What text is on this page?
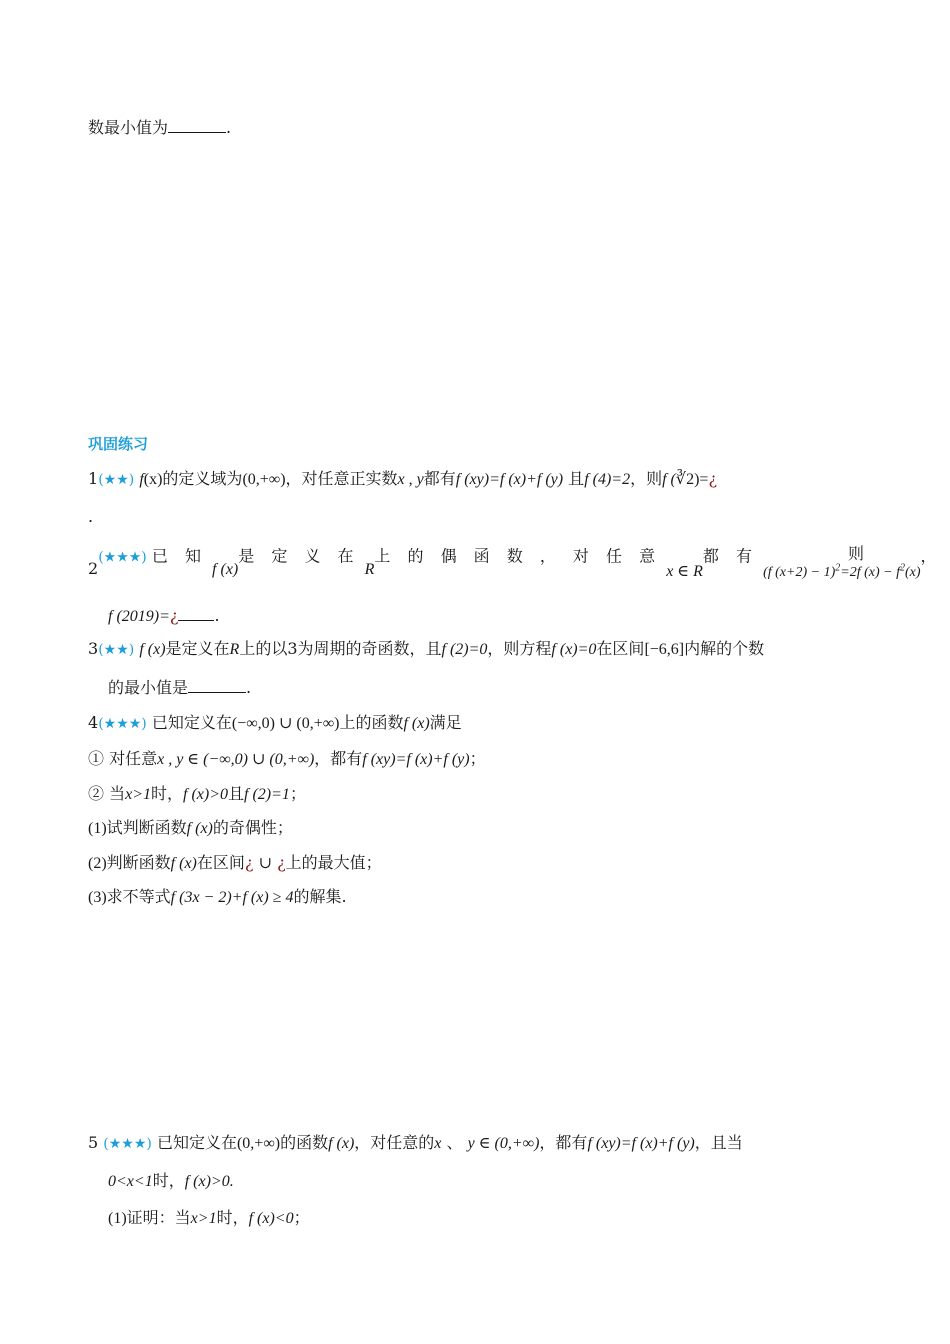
数最小值为	.
巩固练习
1(★★) f(x)的定义域为(0,+∞)，对任意正实数x , y都有f (xy)=f (x)+f (y) 且f (4)=2，则f (∛2)=¿
.
2(★★★) 已 知 f (x)是 定 义 在 R上 的 偶 函 数 ， 对 任 意 x ∈ R都 有 (f (x+2) − 1)$^2$=2f $(x) - f^2(x)$，
则
f (2019)=¿ .
3(★★) f (x)是定义在R上的以3为周期的奇函数，且f (2)=0，则方程f (x)=0在区间[−6,6]内解的个数
的最小值是	.
4(★★★) 已知定义在(−∞,0) ∪ (0,+∞)上的函数f (x)满足
① 对任意x , y ∈ (−∞,0) ∪ (0,+∞)，都有f (xy)=f (x)+f (y)；
② 当x>1时，f (x)>0且f (2)=1；
(1)试判断函数f (x)的奇偶性；
(2)判断函数f (x)在区间¿ ∪ ¿上的最大值；
(3)求不等式f (3x − 2)+f (x) ≥ 4的解集.
5 (★★★) 已知定义在(0,+∞)的函数f (x)，对任意的x 、 y ∈ (0,+∞)，都有f (xy)=f (x)+f (y)，且当
0<x<1时，f (x)>0.
(1)证明：当x>1时，f (x)<0；
